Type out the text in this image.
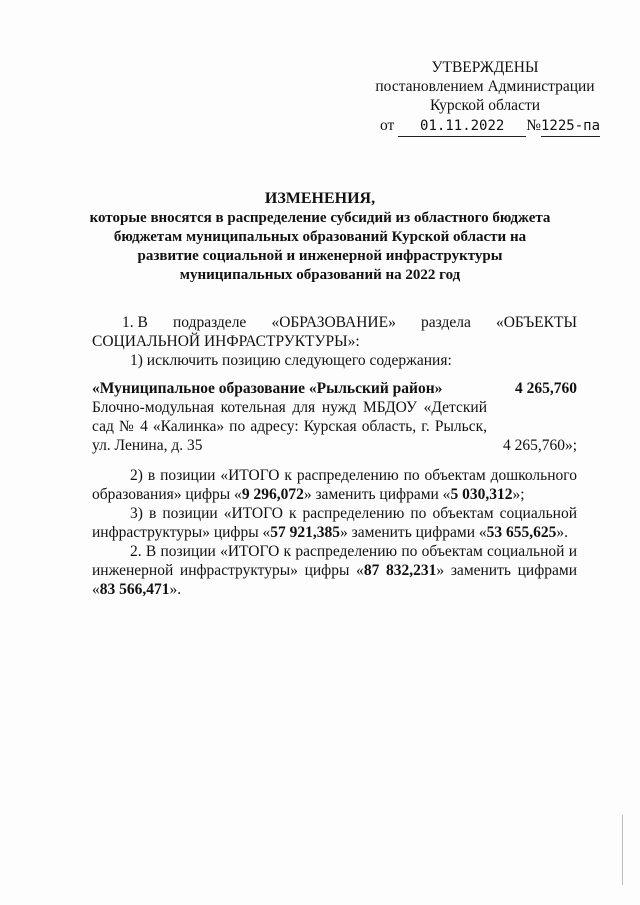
УТВЕРЖДЕНЫ
постановлением Администрации
Курской области
от 01.11.2022 №1225-па
ИЗМЕНЕНИЯ,
которые вносятся в распределение субсидий из областного бюджета
бюджетам муниципальных образований Курской области на
развитие социальной и инженерной инфраструктуры
муниципальных образований на 2022 год
1. В подразделе «ОБРАЗОВАНИЕ» раздела «ОБЪЕКТЫ
СОЦИАЛЬНОЙ ИНФРАСТРУКТУРЫ»:
1) исключить позицию следующего содержания:
«Муниципальное образование «Рыльский район»	4 265,760
Блочно-модульная котельная для нужд МБДОУ «Детский
сад № 4 «Калинка» по адресу: Курская область, г. Рыльск,
ул. Ленина, д. 35	4 265,760»;
2) в позиции «ИТОГО к распределению по объектам дошкольного
образования» цифры «9 296,072» заменить цифрами «5 030,312»;
3) в позиции «ИТОГО к распределению по объектам социальной
инфраструктуры» цифры «57 921,385» заменить цифрами «53 655,625».
2. В позиции «ИТОГО к распределению по объектам социальной и
инженерной инфраструктуры» цифры «87 832,231» заменить цифрами
«83 566,471».
